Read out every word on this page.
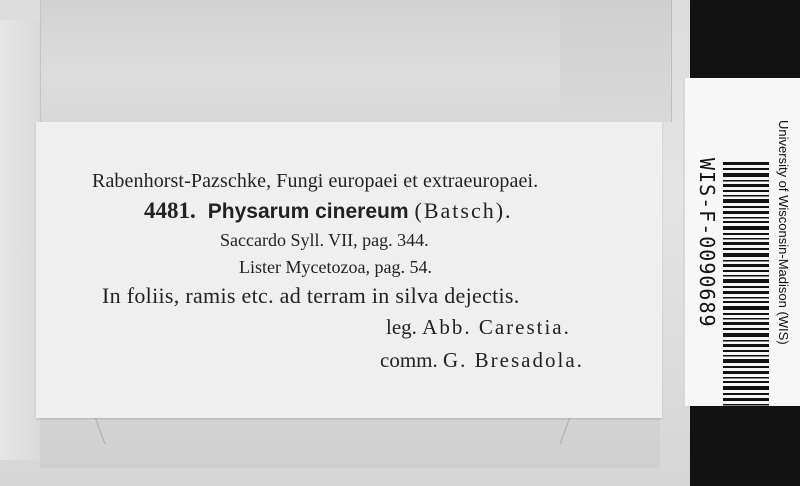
Rabenhorst-Pazschke, Fungi europaei et extraeuropaei.
4481. Physarum cinereum (Batsch).
Saccardo Syll. VII, pag. 344.
Lister Mycetozoa, pag. 54.
In foliis, ramis etc. ad terram in silva dejectis.
leg. Abb. Carestia.
comm. G. Bresadola.
WIS-F-0090689	University of Wisconsin-Madison (WIS)
